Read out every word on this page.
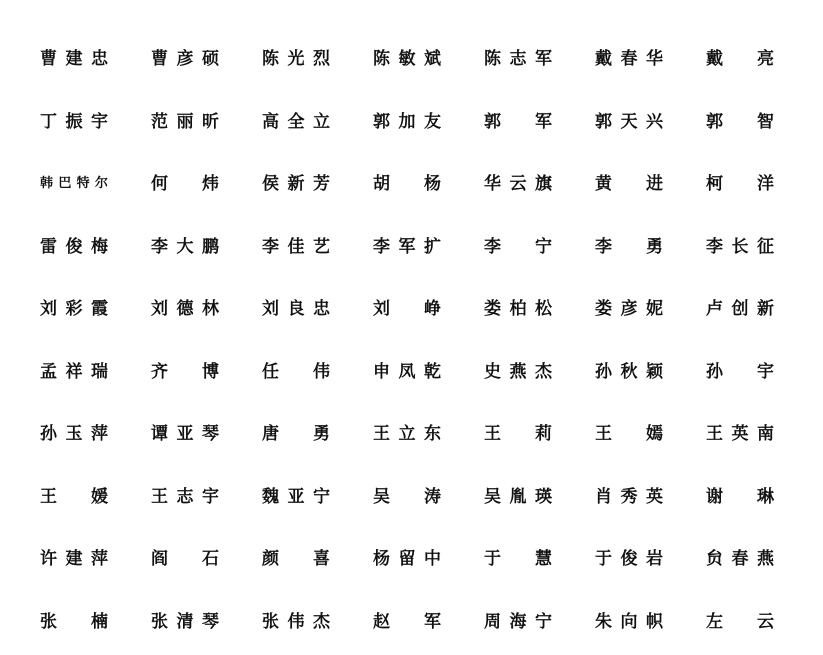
曹 建 忠	曹 彦 硕	陈 光 烈	陈 敏 斌	陈 志 军	戴 春 华	戴 亮
丁 振 宇	范 丽 昕	高 全 立	郭 加 友	郭 军	郭 天 兴	郭 智
韩 巴 特 尔	何 炜	侯 新 芳	胡 杨	华 云 旗	黄 进	柯 洋
雷 俊 梅	李 大 鹏	李 佳 艺	李 军 扩	李 宁	李 勇	李 长 征
刘 彩 霞	刘 德 林	刘 良 忠	刘 峥	娄 柏 松	娄 彦 妮	卢 创 新
孟 祥 瑞	齐 博	任 伟	申 凤 乾	史 燕 杰	孙 秋 颖	孙 宇
孙 玉 萍	谭 亚 琴	唐 勇	王 立 东	王 莉	王 嫣	王 英 南
王 媛	王 志 宇	魏 亚 宁	吴 涛	吴 胤 瑛	肖 秀 英	谢 琳
许 建 萍	阎 石	颜 喜	杨 留 中	于 慧	于 俊 岩	贠 春 燕
张 楠	张 清 琴	张 伟 杰	赵 军	周 海 宁	朱 向 帜	左 云
